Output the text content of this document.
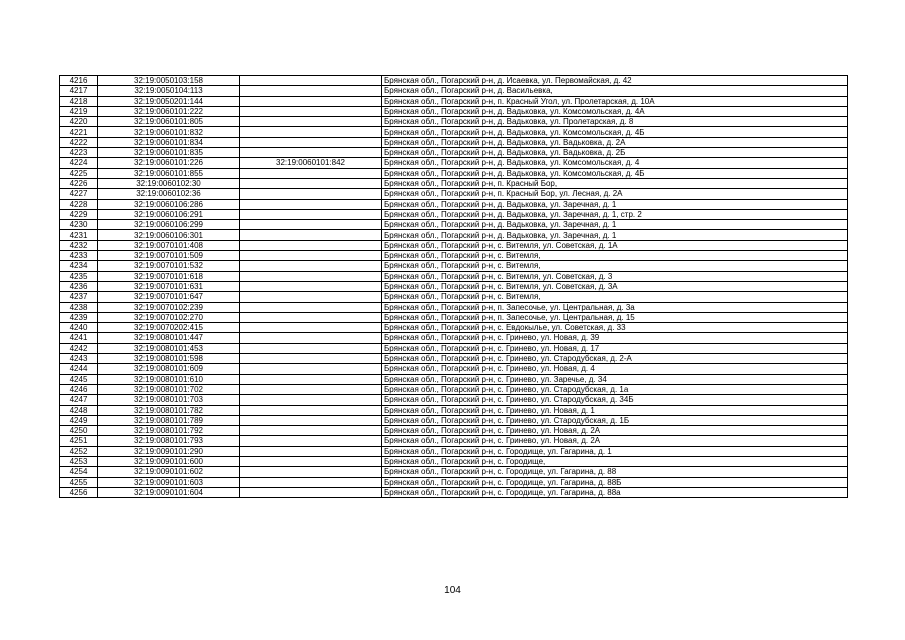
4216	32:19:0050103:158		Брянская обл., Погарский р-н, д. Исаевка, ул. Первомайская, д. 42
4217	32:19:0050104:113		Брянская обл., Погарский р-н, д. Васильевка,
4218	32:19:0050201:144		Брянская обл., Погарский р-н, п. Красный Угол, ул. Пролетарская, д. 10А
4219	32:19:0060101:222		Брянская обл., Погарский р-н, д. Вадьковка, ул. Комсомольская, д. 4А
4220	32:19:0060101:805		Брянская обл., Погарский р-н, д. Вадьковка, ул. Пролетарская, д. 8
4221	32:19:0060101:832		Брянская обл., Погарский р-н, д. Вадьковка, ул. Комсомольская, д. 4Б
4222	32:19:0060101:834		Брянская обл., Погарский р-н, д. Вадьковка, ул. Вадьковка, д. 2А
4223	32:19:0060101:835		Брянская обл., Погарский р-н, д. Вадьковка, ул. Вадьковка, д. 2Б
4224	32:19:0060101:226	32:19:0060101:842	Брянская обл., Погарский р-н, д. Вадьковка, ул. Комсомольская, д. 4
4225	32:19:0060101:855		Брянская обл., Погарский р-н, д. Вадьковка, ул. Комсомольская, д. 4Б
4226	32:19:0060102:30		Брянская обл., Погарский р-н, п. Красный Бор,
4227	32:19:0060102:36		Брянская обл., Погарский р-н, п. Красный Бор, ул. Лесная, д. 2А
4228	32:19:0060106:286		Брянская обл., Погарский р-н, д. Вадьковка, ул. Заречная, д. 1
4229	32:19:0060106:291		Брянская обл., Погарский р-н, д. Вадьковка, ул. Заречная, д. 1, стр. 2
4230	32:19:0060106:299		Брянская обл., Погарский р-н, д. Вадьковка, ул. Заречная, д. 1
4231	32:19:0060106:301		Брянская обл., Погарский р-н, д. Вадьковка, ул. Заречная, д. 1
4232	32:19:0070101:408		Брянская обл., Погарский р-н, с. Витемля, ул. Советская, д. 1А
4233	32:19:0070101:509		Брянская обл., Погарский р-н, с. Витемля,
4234	32:19:0070101:532		Брянская обл., Погарский р-н, с. Витемля,
4235	32:19:0070101:618		Брянская обл., Погарский р-н, с. Витемля, ул. Советская, д. 3
4236	32:19:0070101:631		Брянская обл., Погарский р-н, с. Витемля, ул. Советская, д. 3А
4237	32:19:0070101:647		Брянская обл., Погарский р-н, с. Витемля,
4238	32:19:0070102:239		Брянская обл., Погарский р-н, п. Запесочье, ул. Центральная, д. 3а
4239	32:19:0070102:270		Брянская обл., Погарский р-н, п. Запесочье, ул. Центральная, д. 15
4240	32:19:0070202:415		Брянская обл., Погарский р-н, с. Евдокылье, ул. Советская, д. 33
4241	32:19:0080101:447		Брянская обл., Погарский р-н, с. Гринево, ул. Новая, д. 39
4242	32:19:0080101:453		Брянская обл., Погарский р-н, с. Гринево, ул. Новая, д. 17
4243	32:19:0080101:598		Брянская обл., Погарский р-н, с. Гринево, ул. Стародубская, д. 2-А
4244	32:19:0080101:609		Брянская обл., Погарский р-н, с. Гринево, ул. Новая, д. 4
4245	32:19:0080101:610		Брянская обл., Погарский р-н, с. Гринево, ул. Заречье, д. 34
4246	32:19:0080101:702		Брянская обл., Погарский р-н, с. Гринево, ул. Стародубская, д. 1а
4247	32:19:0080101:703		Брянская обл., Погарский р-н, с. Гринево, ул. Стародубская, д. 34Б
4248	32:19:0080101:782		Брянская обл., Погарский р-н, с. Гринево, ул. Новая, д. 1
4249	32:19:0080101:789		Брянская обл., Погарский р-н, с. Гринево, ул. Стародубская, д. 1Б
4250	32:19:0080101:792		Брянская обл., Погарский р-н, с. Гринево, ул. Новая, д. 2А
4251	32:19:0080101:793		Брянская обл., Погарский р-н, с. Гринево, ул. Новая, д. 2А
4252	32:19:0090101:290		Брянская обл., Погарский р-н, с. Городище, ул. Гагарина, д. 1
4253	32:19:0090101:600		Брянская обл., Погарский р-н, с. Городище,
4254	32:19:0090101:602		Брянская обл., Погарский р-н, с. Городище, ул. Гагарина, д. 88
4255	32:19:0090101:603		Брянская обл., Погарский р-н, с. Городище, ул. Гагарина, д. 88Б
4256	32:19:0090101:604		Брянская обл., Погарский р-н, с. Городище, ул. Гагарина, д. 88а
104
